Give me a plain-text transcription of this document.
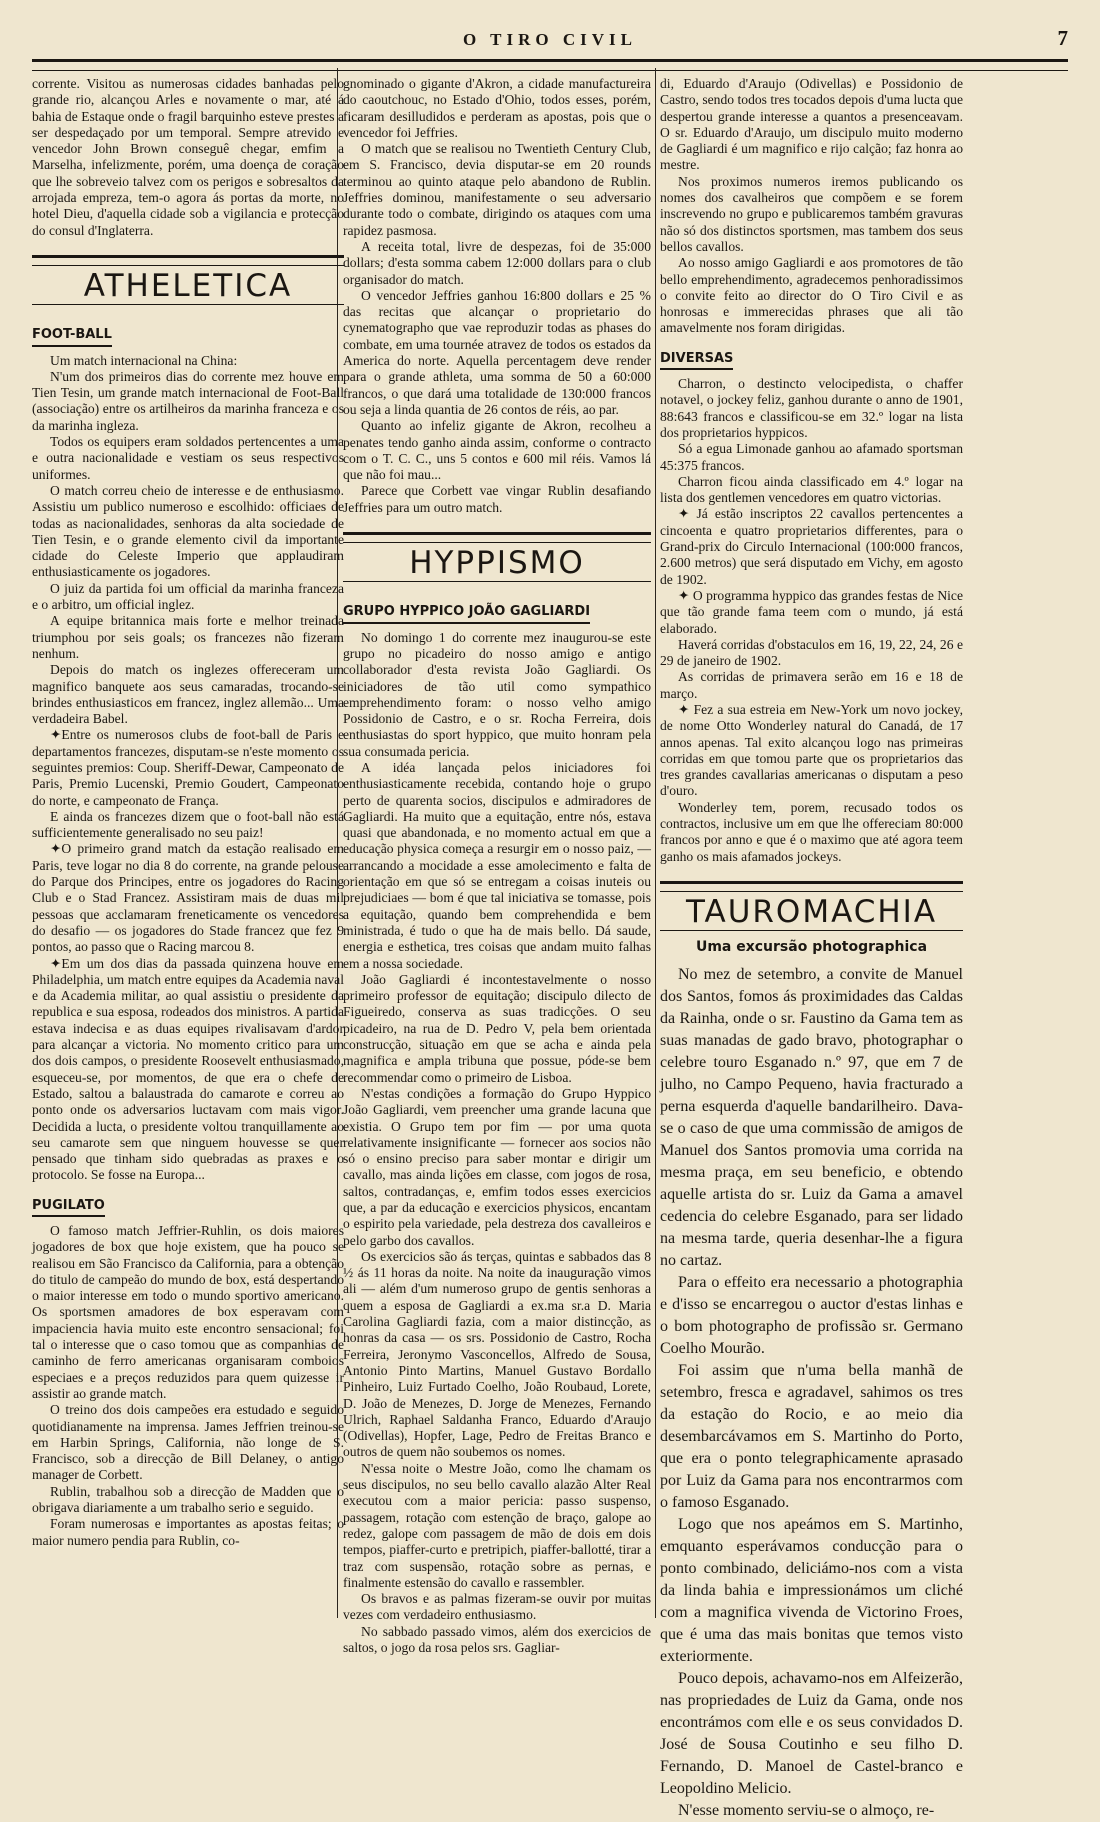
O TIRO CIVIL	7

corrente. Visitou as numerosas cidades banhadas pelo grande rio, alcançou Arles e novamente o mar, até á bahia de Estaque onde o fragil barquinho esteve prestes a ser despedaçado por um temporal. Sempre atrevido e vencedor John Brown conseguê chegar, emfim a Marselha, infelizmente, porém, uma doença de coração que lhe sobreveio talvez com os perigos e sobresaltos da arrojada empreza, tem-o agora ás portas da morte, no hotel Dieu, d'aquella cidade sob a vigilancia e protecção do consul d'Inglaterra.

ATHELETICA
FOOT-BALL

Um match internacional na China:

N'um dos primeiros dias do corrente mez houve em Tien Tesin, um grande match internacional de Foot-Ball (associação) entre os artilheiros da marinha franceza e os da marinha ingleza.

Todos os equipers eram soldados pertencentes a uma e outra nacionalidade e vestiam os seus respectivos uniformes.

O match correu cheio de interesse e de enthusiasmo. Assistiu um publico numeroso e escolhido: officiaes de todas as nacionalidades, senhoras da alta sociedade de Tien Tesin, e o grande elemento civil da importante cidade do Celeste Imperio que applaudiram enthusiasticamente os jogadores.

O juiz da partida foi um official da marinha franceza e o arbitro, um official inglez.

A equipe britannica mais forte e melhor treinada triumphou por seis goals; os francezes não fizeram nenhum.

Depois do match os inglezes offereceram um magnifico banquete aos seus camaradas, trocando-se brindes enthusiasticos em francez, inglez allemão... Uma verdadeira Babel.

✦Entre os numerosos clubs de foot-ball de Paris e departamentos francezes, disputam-se n'este momento os seguintes premios: Coup. Sheriff-Dewar, Campeonato de Paris, Premio Lucenski, Premio Goudert, Campeonato do norte, e campeonato de França.

E ainda os francezes dizem que o foot-ball não está sufficientemente generalisado no seu paiz!

✦O primeiro grand match da estação realisado em Paris, teve logar no dia 8 do corrente, na grande pelouse do Parque dos Principes, entre os jogadores do Racing Club e o Stad Francez. Assistiram mais de duas mil pessoas que acclamaram freneticamente os vencedores do desafio — os jogadores do Stade francez que fez 9 pontos, ao passo que o Racing marcou 8.

✦Em um dos dias da passada quinzena houve em Philadelphia, um match entre equipes da Academia naval e da Academia militar, ao qual assistiu o presidente da republica e sua esposa, rodeados dos ministros. A partida estava indecisa e as duas equipes rivalisavam d'ardor para alcançar a victoria. No momento critico para um dos dois campos, o presidente Roosevelt enthusiasmado, esqueceu-se, por momentos, de que era o chefe de Estado, saltou a balaustrada do camarote e correu ao ponto onde os adversarios luctavam com mais vigor. Decidida a lucta, o presidente voltou tranquillamente ao seu camarote sem que ninguem houvesse se quer pensado que tinham sido quebradas as praxes e o protocolo. Se fosse na Europa...

PUGILATO

O famoso match Jeffrier-Ruhlin, os dois maiores jogadores de box que hoje existem, que ha pouco se realisou em São Francisco da California, para a obtenção do titulo de campeão do mundo de box, está despertando o maior interesse em todo o mundo sportivo americano. Os sportsmen amadores de box esperavam com impaciencia havia muito este encontro sensacional; foi tal o interesse que o caso tomou que as companhias de caminho de ferro americanas organisaram comboios especiaes e a preços reduzidos para quem quizesse ir assistir ao grande match.

O treino dos dois campeões era estudado e seguido quotidianamente na imprensa. James Jeffrien treinou-se em Harbin Springs, California, não longe de S. Francisco, sob a direcção de Bill Delaney, o antigo manager de Corbett.

Rublin, trabalhou sob a direcção de Madden que o obrigava diariamente a um trabalho serio e seguido.

Foram numerosas e importantes as apostas feitas; o maior numero pendia para Rublin, co-

gnominado o gigante d'Akron, a cidade manufactureira do caoutchouc, no Estado d'Ohio, todos esses, porém, ficaram desilludidos e perderam as apostas, pois que o vencedor foi Jeffries.

O match que se realisou no Twentieth Century Club, em S. Francisco, devia disputar-se em 20 rounds terminou ao quinto ataque pelo abandono de Rublin. Jeffries dominou, manifestamente o seu adversario durante todo o combate, dirigindo os ataques com uma rapidez pasmosa.

A receita total, livre de despezas, foi de 35:000 dollars; d'esta somma cabem 12:000 dollars para o club organisador do match.

O vencedor Jeffries ganhou 16:800 dollars e 25 % das recitas que alcançar o proprietario do cynematographo que vae reproduzir todas as phases do combate, em uma tournée atravez de todos os estados da America do norte. Aquella percentagem deve render para o grande athleta, uma somma de 50 a 60:000 francos, o que dará uma totalidade de 130:000 francos ou seja a linda quantia de 26 contos de réis, ao par.

Quanto ao infeliz gigante de Akron, recolheu a penates tendo ganho ainda assim, conforme o contracto com o T. C. C., uns 5 contos e 600 mil réis. Vamos lá que não foi mau...

Parece que Corbett vae vingar Rublin desafiando Jeffries para um outro match.

HYPPISMO
GRUPO HYPPICO JOÃO GAGLIARDI

No domingo 1 do corrente mez inaugurou-se este grupo no picadeiro do nosso amigo e antigo collaborador d'esta revista João Gagliardi. Os iniciadores de tão util como sympathico emprehendimento foram: o nosso velho amigo Possidonio de Castro, e o sr. Rocha Ferreira, dois enthusiastas do sport hyppico, que muito honram pela sua consumada pericia.

A idéa lançada pelos iniciadores foi enthusiasticamente recebida, contando hoje o grupo perto de quarenta socios, discipulos e admiradores de Gagliardi. Ha muito que a equitação, entre nós, estava quasi que abandonada, e no momento actual em que a educação physica começa a resurgir em o nosso paiz, — arrancando a mocidade a esse amolecimento e falta de orientação em que só se entregam a coisas inuteis ou prejudiciaes — bom é que tal iniciativa se tomasse, pois a equitação, quando bem comprehendida e bem ministrada, é tudo o que ha de mais bello. Dá saude, energia e esthetica, tres coisas que andam muito falhas em a nossa sociedade.

João Gagliardi é incontestavelmente o nosso primeiro professor de equitação; discipulo dilecto de Figueiredo, conserva as suas tradicções. O seu picadeiro, na rua de D. Pedro V, pela bem orientada construcção, situação em que se acha e ainda pela magnifica e ampla tribuna que possue, póde-se bem recommendar como o primeiro de Lisboa.

N'estas condições a formação do Grupo Hyppico João Gagliardi, vem preencher uma grande lacuna que existia. O Grupo tem por fim — por uma quota relativamente insignificante — fornecer aos socios não só o ensino preciso para saber montar e dirigir um cavallo, mas ainda lições em classe, com jogos de rosa, saltos, contradanças, e, emfim todos esses exercicios que, a par da educação e exercicios physicos, encantam o espirito pela variedade, pela destreza dos cavalleiros e pelo garbo dos cavallos.

Os exercicios são ás terças, quintas e sabbados das 8 ½ ás 11 horas da noite. Na noite da inauguração vimos ali — além d'um numeroso grupo de gentis senhoras a quem a esposa de Gagliardi a ex.ma sr.a D. Maria Carolina Gagliardi fazia, com a maior distincção, as honras da casa — os srs. Possidonio de Castro, Rocha Ferreira, Jeronymo Vasconcellos, Alfredo de Sousa, Antonio Pinto Martins, Manuel Gustavo Bordallo Pinheiro, Luiz Furtado Coelho, João Roubaud, Lorete, D. João de Menezes, D. Jorge de Menezes, Fernando Ulrich, Raphael Saldanha Franco, Eduardo d'Araujo (Odivellas), Hopfer, Lage, Pedro de Freitas Branco e outros de quem não soubemos os nomes.

N'essa noite o Mestre João, como lhe chamam os seus discipulos, no seu bello cavallo alazão Alter Real executou com a maior pericia: passo suspenso, passagem, rotação com estenção de braço, galope ao redez, galope com passagem de mão de dois em dois tempos, piaffer-curto e pretripich, piaffer-ballotté, tirar a traz com suspensão, rotação sobre as pernas, e finalmente estensão do cavallo e rassembler.

Os bravos e as palmas fizeram-se ouvir por muitas vezes com verdadeiro enthusiasmo.

No sabbado passado vimos, além dos exercicios de saltos, o jogo da rosa pelos srs. Gagliar-

di, Eduardo d'Araujo (Odivellas) e Possidonio de Castro, sendo todos tres tocados depois d'uma lucta que despertou grande interesse a quantos a presenceavam. O sr. Eduardo d'Araujo, um discipulo muito moderno de Gagliardi é um magnifico e rijo calção; faz honra ao mestre.

Nos proximos numeros iremos publicando os nomes dos cavalheiros que compõem e se forem inscrevendo no grupo e publicaremos também gravuras não só dos distinctos sportsmen, mas tambem dos seus bellos cavallos.

Ao nosso amigo Gagliardi e aos promotores de tão bello emprehendimento, agradecemos penhoradissimos o convite feito ao director do O Tiro Civil e as honrosas e immerecidas phrases que ali tão amavelmente nos foram dirigidas.

DIVERSAS

Charron, o destincto velocipedista, o chaffer notavel, o jockey feliz, ganhou durante o anno de 1901, 88:643 francos e classificou-se em 32.º logar na lista dos proprietarios hyppicos.

Só a egua Limonade ganhou ao afamado sportsman 45:375 francos.

Charron ficou ainda classificado em 4.º logar na lista dos gentlemen vencedores em quatro victorias.

✦ Já estão inscriptos 22 cavallos pertencentes a cincoenta e quatro proprietarios differentes, para o Grand-prix do Circulo Internacional (100:000 francos, 2.600 metros) que será disputado em Vichy, em agosto de 1902.

✦ O programma hyppico das grandes festas de Nice que tão grande fama teem com o mundo, já está elaborado.

Haverá corridas d'obstaculos em 16, 19, 22, 24, 26 e 29 de janeiro de 1902.

As corridas de primavera serão em 16 e 18 de março.

✦ Fez a sua estreia em New-York um novo jockey, de nome Otto Wonderley natural do Canadá, de 17 annos apenas. Tal exito alcançou logo nas primeiras corridas em que tomou parte que os proprietarios das tres grandes cavallarias americanas o disputam a peso d'ouro.

Wonderley tem, porem, recusado todos os contractos, inclusive um em que lhe offereciam 80:000 francos por anno e que é o maximo que até agora teem ganho os mais afamados jockeys.

TAUROMACHIA
Uma excursão photographica

No mez de setembro, a convite de Manuel dos Santos, fomos ás proximidades das Caldas da Rainha, onde o sr. Faustino da Gama tem as suas manadas de gado bravo, photographar o celebre touro Esganado n.º 97, que em 7 de julho, no Campo Pequeno, havia fracturado a perna esquerda d'aquelle bandarilheiro. Dava-se o caso de que uma commissão de amigos de Manuel dos Santos promovia uma corrida na mesma praça, em seu beneficio, e obtendo aquelle artista do sr. Luiz da Gama a amavel cedencia do celebre Esganado, para ser lidado na mesma tarde, queria desenhar-lhe a figura no cartaz.

Para o effeito era necessario a photographia e d'isso se encarregou o auctor d'estas linhas e o bom photographo de profissão sr. Germano Coelho Mourão.

Foi assim que n'uma bella manhã de setembro, fresca e agradavel, sahimos os tres da estação do Rocio, e ao meio dia desembarcávamos em S. Martinho do Porto, que era o ponto telegraphicamente aprasado por Luiz da Gama para nos encontrarmos com o famoso Esganado.

Logo que nos apeámos em S. Martinho, emquanto esperávamos conducção para o ponto combinado, deliciámo-nos com a vista da linda bahia e impressionámos um cliché com a magnifica vivenda de Victorino Froes, que é uma das mais bonitas que temos visto exteriormente.

Pouco depois, achavamo-nos em Alfeizerão, nas propriedades de Luiz da Gama, onde nos encontrámos com elle e os seus convidados D. José de Sousa Coutinho e seu filho D. Fernando, D. Manoel de Castel-branco e Leopoldino Melicio.

N'esse momento serviu-se o almoço, re-
